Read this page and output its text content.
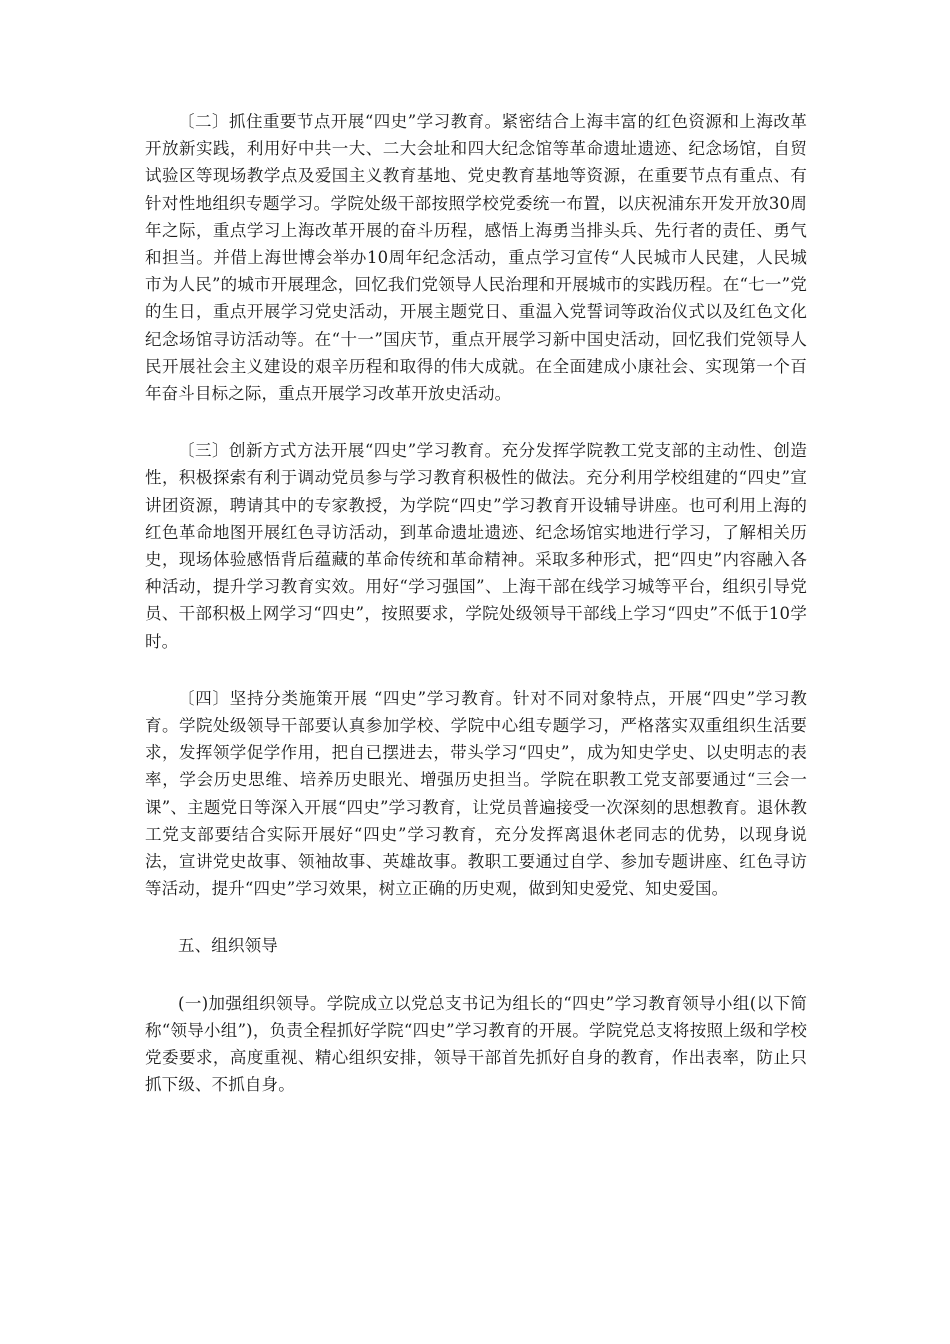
〔二〕抓住重要节点开展“四史”学习教育。紧密结合上海丰富的红色资源和上海改革开放新实践，利用好中共一大、二大会址和四大纪念馆等革命遗址遗迹、纪念场馆，自贸试验区等现场教学点及爱国主义教育基地、党史教育基地等资源，在重要节点有重点、有针对性地组织专题学习。学院处级干部按照学校党委统一布置，以庆祝浦东开发开放30周年之际，重点学习上海改革开展的奋斗历程，感悟上海勇当排头兵、先行者的责任、勇气和担当。并借上海世博会举办10周年纪念活动，重点学习宣传“人民城市人民建，人民城市为人民”的城市开展理念，回忆我们党领导人民治理和开展城市的实践历程。在“七一”党的生日，重点开展学习党史活动，开展主题党日、重温入党誓词等政治仪式以及红色文化纪念场馆寻访活动等。在“十一”国庆节，重点开展学习新中国史活动，回忆我们党领导人民开展社会主义建设的艰辛历程和取得的伟大成就。在全面建成小康社会、实现第一个百年奋斗目标之际，重点开展学习改革开放史活动。

〔三〕创新方式方法开展“四史”学习教育。充分发挥学院教工党支部的主动性、创造性，积极探索有利于调动党员参与学习教育积极性的做法。充分利用学校组建的“四史”宣讲团资源，聘请其中的专家教授，为学院“四史”学习教育开设辅导讲座。也可利用上海的红色革命地图开展红色寻访活动，到革命遗址遗迹、纪念场馆实地进行学习，了解相关历史，现场体验感悟背后蕴藏的革命传统和革命精神。采取多种形式，把“四史”内容融入各种活动，提升学习教育实效。用好“学习强国”、上海干部在线学习城等平台，组织引导党员、干部积极上网学习“四史”，按照要求，学院处级领导干部线上学习“四史”不低于10学时。

〔四〕坚持分类施策开展 “四史”学习教育。针对不同对象特点，开展“四史”学习教育。学院处级领导干部要认真参加学校、学院中心组专题学习，严格落实双重组织生活要求，发挥领学促学作用，把自已摆进去，带头学习“四史”，成为知史学史、以史明志的表率，学会历史思维、培养历史眼光、增强历史担当。学院在职教工党支部要通过“三会一课”、主题党日等深入开展“四史”学习教育，让党员普遍接受一次深刻的思想教育。退休教工党支部要结合实际开展好“四史”学习教育，充分发挥离退休老同志的优势，以现身说法，宣讲党史故事、领袖故事、英雄故事。教职工要通过自学、参加专题讲座、红色寻访等活动，提升“四史”学习效果，树立正确的历史观，做到知史爱党、知史爱国。

五、组织领导

(一)加强组织领导。学院成立以党总支书记为组长的“四史”学习教育领导小组(以下简称“领导小组”)，负责全程抓好学院“四史”学习教育的开展。学院党总支将按照上级和学校党委要求，高度重视、精心组织安排，领导干部首先抓好自身的教育，作出表率，防止只抓下级、不抓自身。
